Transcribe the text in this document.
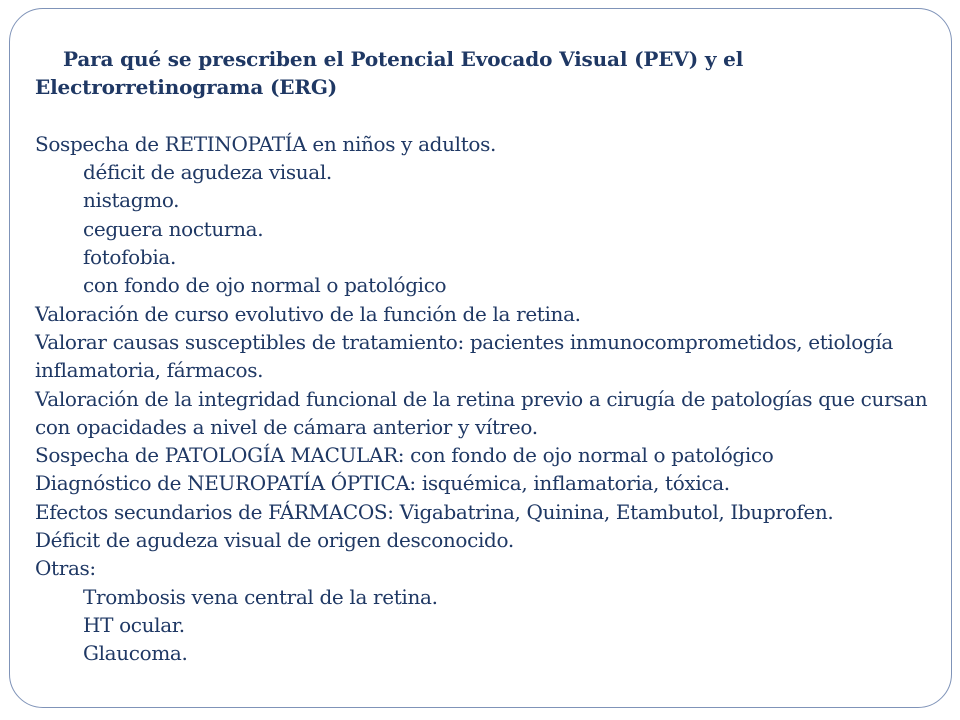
Para qué se prescriben el Potencial Evocado Visual (PEV) y el Electrorretinograma (ERG)

Sospecha de RETINOPATÍA en niños y adultos.
déficit de agudeza visual.
nistagmo.
ceguera nocturna.
fotofobia.
con fondo de ojo normal o patológico
Valoración de curso evolutivo de la función de la retina.
Valorar causas susceptibles de tratamiento: pacientes inmunocomprometidos, etiología inflamatoria, fármacos.
Valoración de la integridad funcional de la retina previo a cirugía de patologías que cursan con opacidades a nivel de cámara anterior y vítreo.
Sospecha de PATOLOGÍA MACULAR: con fondo de ojo normal o patológico
Diagnóstico de NEUROPATÍA ÓPTICA: isquémica, inflamatoria, tóxica.
Efectos secundarios de FÁRMACOS: Vigabatrina, Quinina, Etambutol, Ibuprofen.
Déficit de agudeza visual de origen desconocido.
Otras:
Trombosis vena central de la retina.
HT ocular.
Glaucoma.
